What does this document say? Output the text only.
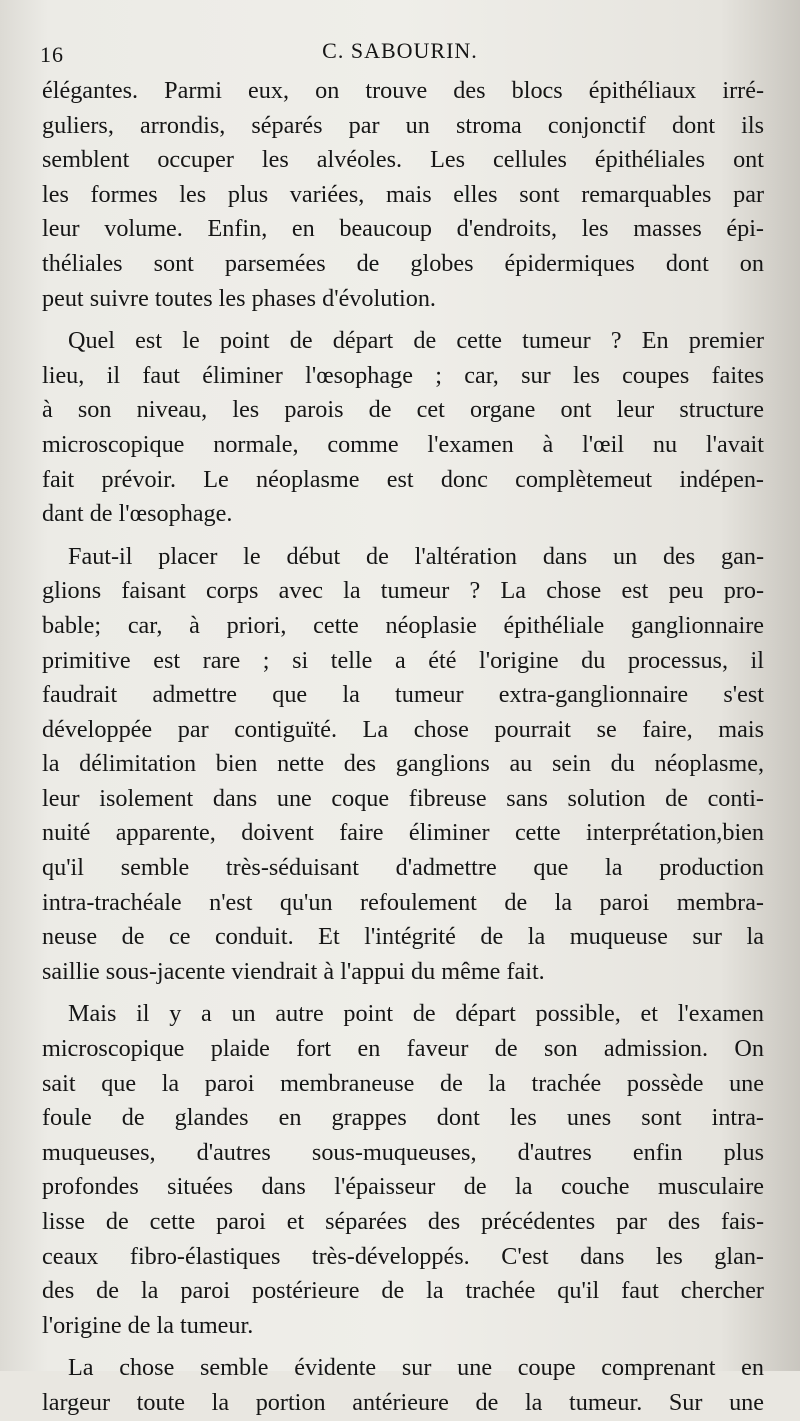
16	C. SABOURIN.
élégantes. Parmi eux, on trouve des blocs épithéliaux irré-
guliers, arrondis, séparés par un stroma conjonctif dont ils
semblent occuper les alvéoles. Les cellules épithéliales ont
les formes les plus variées, mais elles sont remarquables par
leur volume. Enfin, en beaucoup d'endroits, les masses épi-
théliales sont parsemées de globes épidermiques dont on
peut suivre toutes les phases d'évolution.
Quel est le point de départ de cette tumeur ? En premier
lieu, il faut éliminer l'œsophage ; car, sur les coupes faites
à son niveau, les parois de cet organe ont leur structure
microscopique normale, comme l'examen à l'œil nu l'avait
fait prévoir. Le néoplasme est donc complètemeut indépen-
dant de l'œsophage.
Faut-il placer le début de l'altération dans un des gan-
glions faisant corps avec la tumeur ? La chose est peu pro-
bable; car, à priori, cette néoplasie épithéliale ganglionnaire
primitive est rare ; si telle a été l'origine du processus, il
faudrait admettre que la tumeur extra-ganglionnaire s'est
développée par contiguïté. La chose pourrait se faire, mais
la délimitation bien nette des ganglions au sein du néoplasme,
leur isolement dans une coque fibreuse sans solution de conti-
nuité apparente, doivent faire éliminer cette interprétation,bien
qu'il semble très-séduisant d'admettre que la production
intra-trachéale n'est qu'un refoulement de la paroi membra-
neuse de ce conduit. Et l'intégrité de la muqueuse sur la
saillie sous-jacente viendrait à l'appui du même fait.
Mais il y a un autre point de départ possible, et l'examen
microscopique plaide fort en faveur de son admission. On
sait que la paroi membraneuse de la trachée possède une
foule de glandes en grappes dont les unes sont intra-
muqueuses, d'autres sous-muqueuses, d'autres enfin plus
profondes situées dans l'épaisseur de la couche musculaire
lisse de cette paroi et séparées des précédentes par des fais-
ceaux fibro-élastiques très-développés. C'est dans les glan-
des de la paroi postérieure de la trachée qu'il faut chercher
l'origine de la tumeur.
La chose semble évidente sur une coupe comprenant en
largeur toute la portion antérieure de la tumeur. Sur une
